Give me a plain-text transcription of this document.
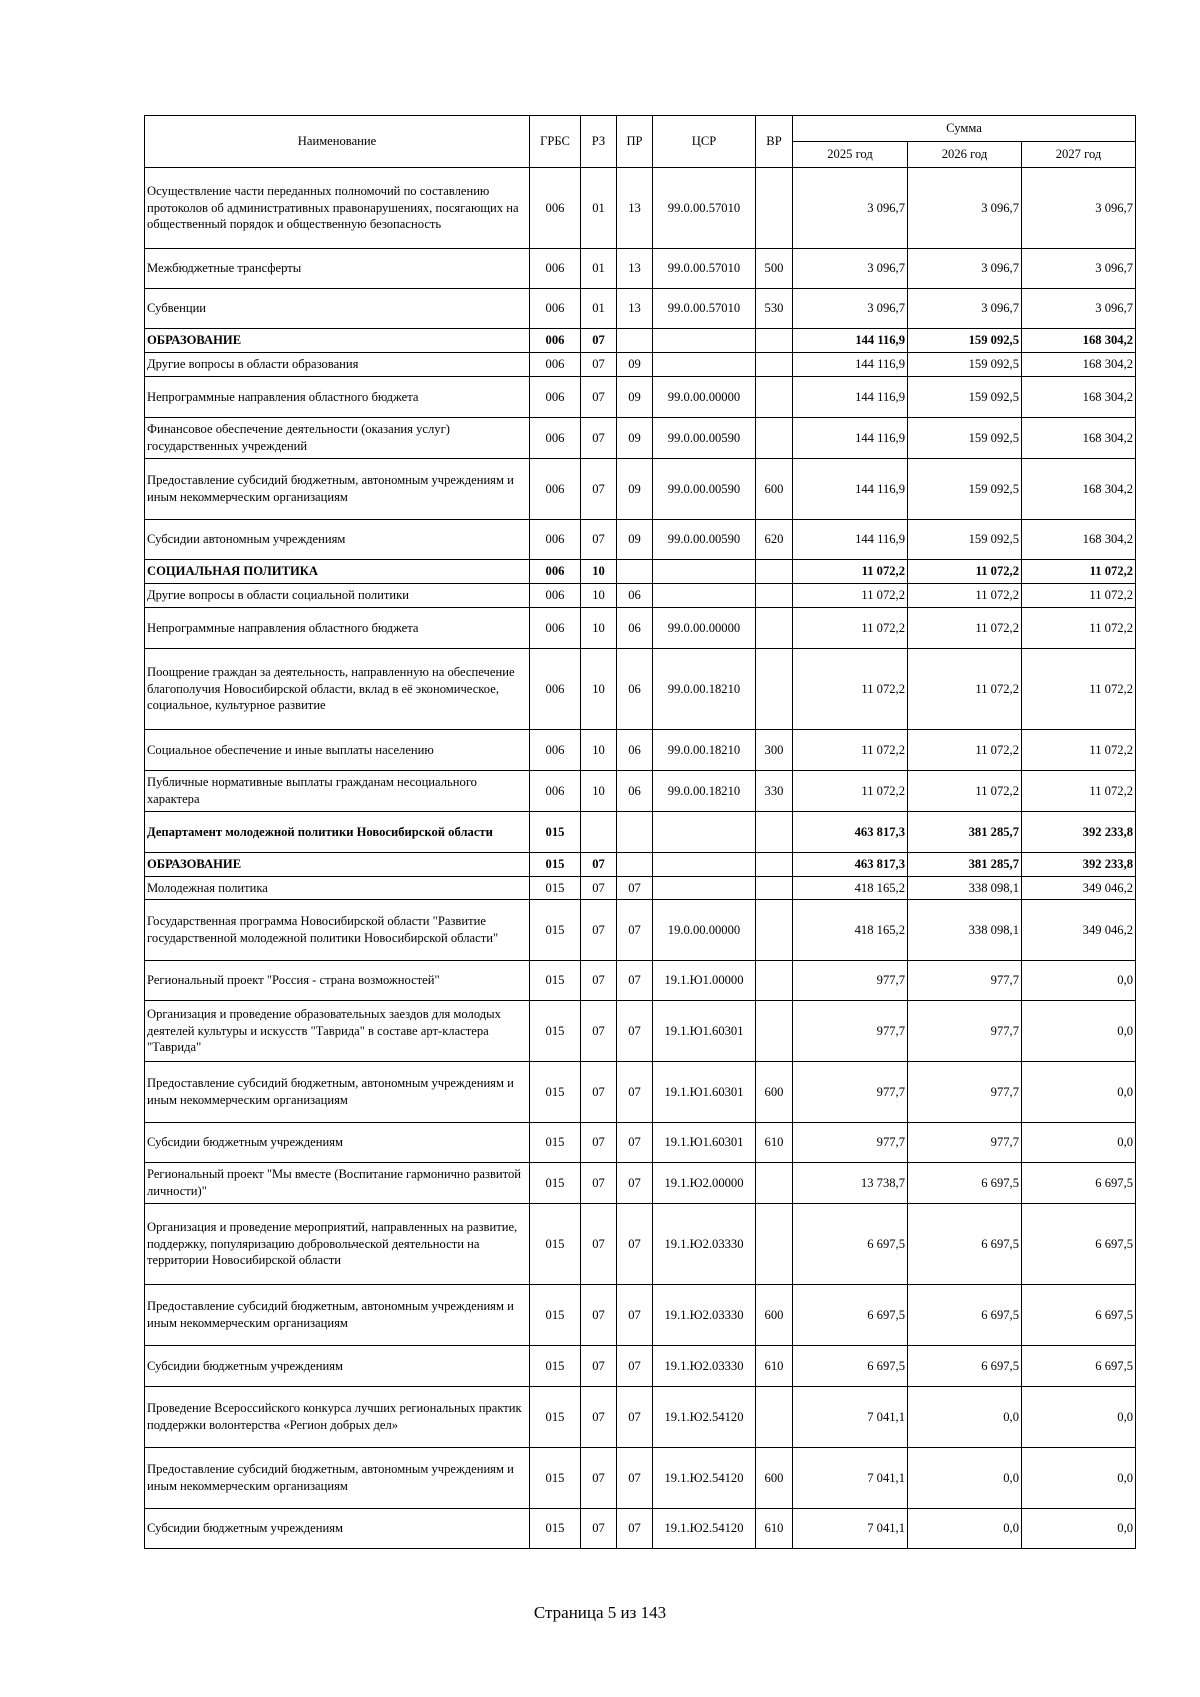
Наименование	ГРБС	РЗ	ПР	ЦСР	ВР	Сумма		
						2025 год	2026 год	2027 год
Осуществление части переданных полномочий по составлению протоколов об административных правонарушениях, посягающих на общественный порядок и общественную безопасность	006	01	13	99.0.00.57010		3 096,7	3 096,7	3 096,7
Межбюджетные трансферты	006	01	13	99.0.00.57010	500	3 096,7	3 096,7	3 096,7
Субвенции	006	01	13	99.0.00.57010	530	3 096,7	3 096,7	3 096,7
ОБРАЗОВАНИЕ	006	07				144 116,9	159 092,5	168 304,2
Другие вопросы в области образования	006	07	09			144 116,9	159 092,5	168 304,2
Непрограммные направления областного бюджета	006	07	09	99.0.00.00000		144 116,9	159 092,5	168 304,2
Финансовое обеспечение деятельности (оказания услуг) государственных учреждений	006	07	09	99.0.00.00590		144 116,9	159 092,5	168 304,2
Предоставление субсидий бюджетным, автономным учреждениям и иным некоммерческим организациям	006	07	09	99.0.00.00590	600	144 116,9	159 092,5	168 304,2
Субсидии автономным учреждениям	006	07	09	99.0.00.00590	620	144 116,9	159 092,5	168 304,2
СОЦИАЛЬНАЯ ПОЛИТИКА	006	10				11 072,2	11 072,2	11 072,2
Другие вопросы в области социальной политики	006	10	06			11 072,2	11 072,2	11 072,2
Непрограммные направления областного бюджета	006	10	06	99.0.00.00000		11 072,2	11 072,2	11 072,2
Поощрение граждан за деятельность, направленную на обеспечение благополучия Новосибирской области, вклад в её экономическое, социальное, культурное развитие	006	10	06	99.0.00.18210		11 072,2	11 072,2	11 072,2
Социальное обеспечение и иные выплаты населению	006	10	06	99.0.00.18210	300	11 072,2	11 072,2	11 072,2
Публичные нормативные выплаты гражданам несоциального характера	006	10	06	99.0.00.18210	330	11 072,2	11 072,2	11 072,2
Департамент молодежной политики Новосибирской области	015					463 817,3	381 285,7	392 233,8
ОБРАЗОВАНИЕ	015	07				463 817,3	381 285,7	392 233,8
Молодежная политика	015	07	07			418 165,2	338 098,1	349 046,2
Государственная программа Новосибирской области "Развитие государственной молодежной политики Новосибирской области"	015	07	07	19.0.00.00000		418 165,2	338 098,1	349 046,2
Региональный проект "Россия - страна возможностей"	015	07	07	19.1.Ю1.00000		977,7	977,7	0,0
Организация и проведение образовательных заездов для молодых деятелей культуры и искусств "Таврида" в составе арт-кластера "Таврида"	015	07	07	19.1.Ю1.60301		977,7	977,7	0,0
Предоставление субсидий бюджетным, автономным учреждениям и иным некоммерческим организациям	015	07	07	19.1.Ю1.60301	600	977,7	977,7	0,0
Субсидии бюджетным учреждениям	015	07	07	19.1.Ю1.60301	610	977,7	977,7	0,0
Региональный проект "Мы вместе (Воспитание гармонично развитой личности)"	015	07	07	19.1.Ю2.00000		13 738,7	6 697,5	6 697,5
Организация и проведение мероприятий, направленных на развитие, поддержку, популяризацию добровольческой деятельности на территории Новосибирской области	015	07	07	19.1.Ю2.03330		6 697,5	6 697,5	6 697,5
Предоставление субсидий бюджетным, автономным учреждениям и иным некоммерческим организациям	015	07	07	19.1.Ю2.03330	600	6 697,5	6 697,5	6 697,5
Субсидии бюджетным учреждениям	015	07	07	19.1.Ю2.03330	610	6 697,5	6 697,5	6 697,5
Проведение Всероссийского конкурса лучших региональных практик поддержки волонтерства «Регион добрых дел»	015	07	07	19.1.Ю2.54120		7 041,1	0,0	0,0
Предоставление субсидий бюджетным, автономным учреждениям и иным некоммерческим организациям	015	07	07	19.1.Ю2.54120	600	7 041,1	0,0	0,0
Субсидии бюджетным учреждениям	015	07	07	19.1.Ю2.54120	610	7 041,1	0,0	0,0
Страница 5 из 143
